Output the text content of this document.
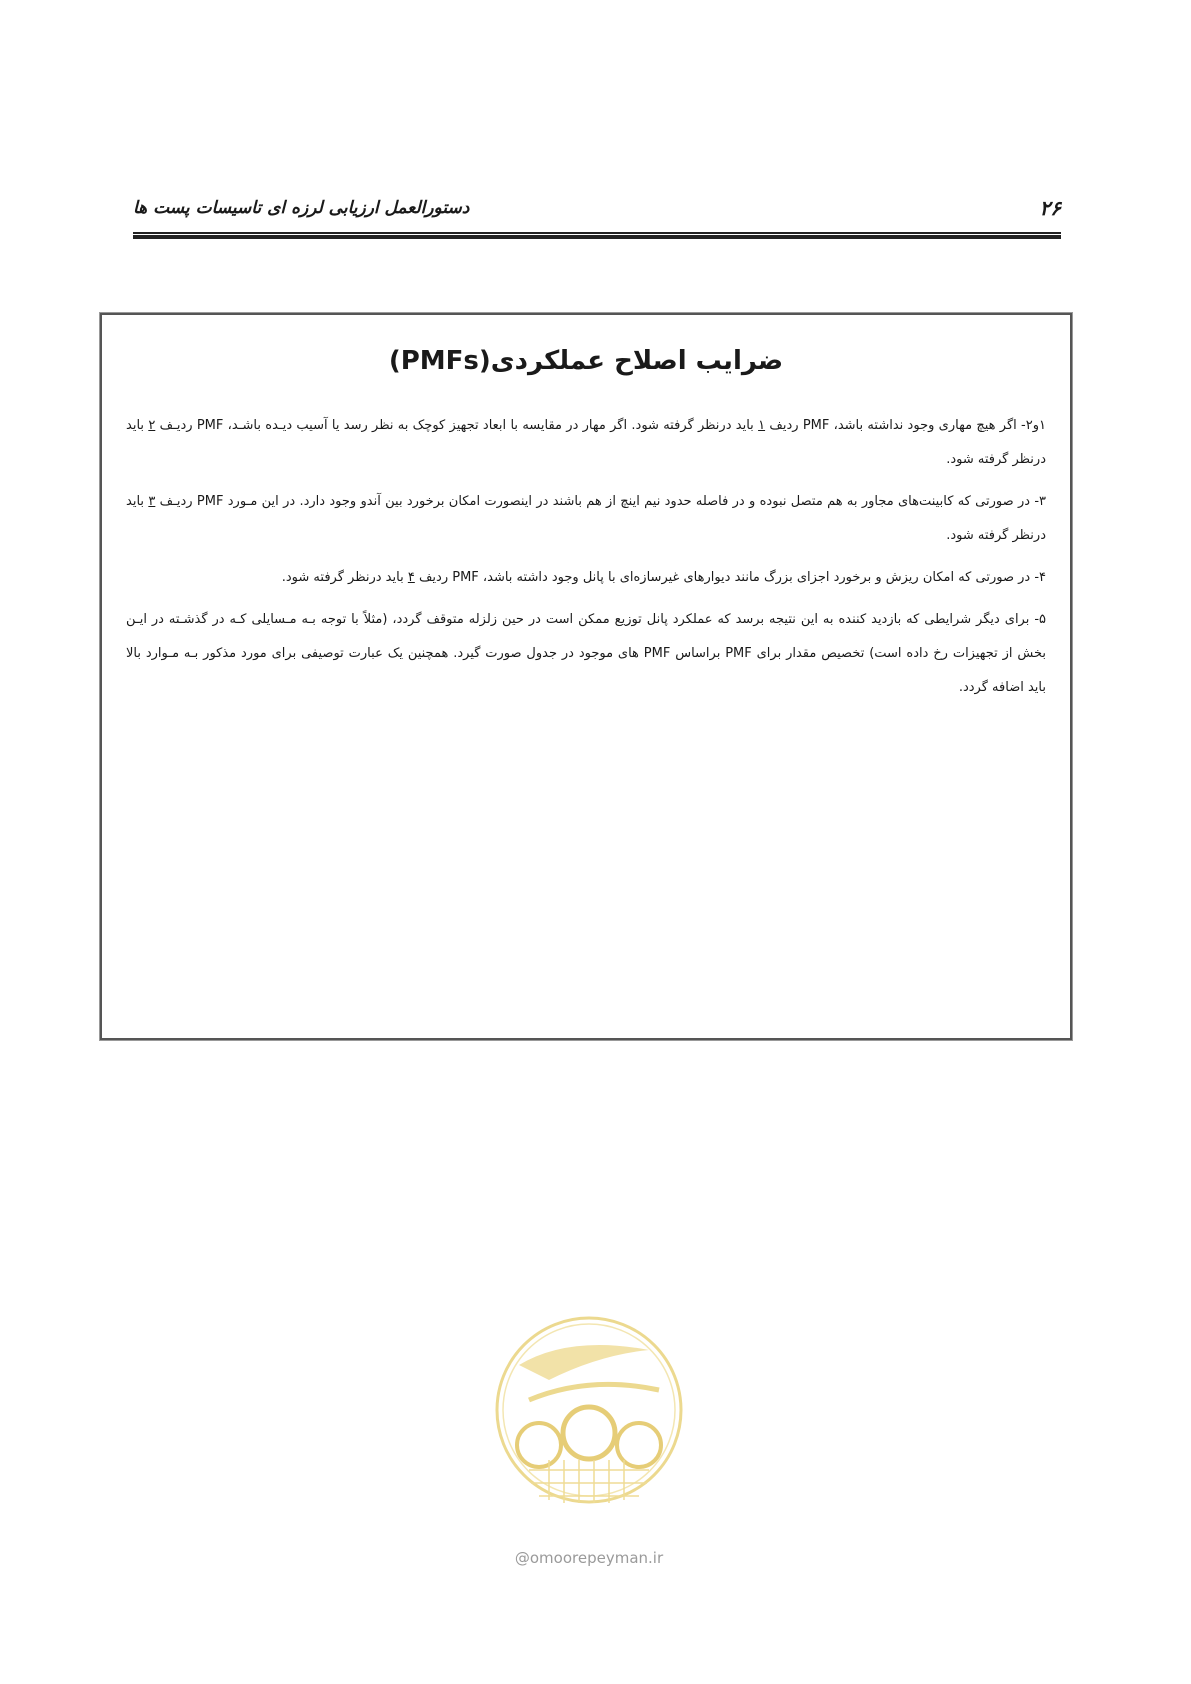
۲۶
دستورالعمل ارزیابی لرزه ای تاسیسات پست ها
ضرایب اصلاح عملکردی(PMFs)

۱و۲- اگر هیچ مهاری وجود نداشته باشد، PMF ردیف ۱ باید درنظر گرفته شود. اگر مهار در مقایسه با ابعاد تجهیز کوچک به نظر رسد یا آسیب دیـده باشـد، PMF ردیـف ۲ باید درنظر گرفته شود.

۳- در صورتی که کابینت‌های مجاور به هم متصل نبوده و در فاصله حدود نیم اینچ از هم باشند در اینصورت امکان برخورد بین آندو وجود دارد. در این مـورد PMF ردیـف ۳ باید درنظر گرفته شود.

۴- در صورتی که امکان ریزش و برخورد اجزای بزرگ مانند دیوارهای غیرسازه‌ای با پانل وجود داشته باشد، PMF ردیف ۴ باید درنظر گرفته شود.

۵- برای دیگر شرایطی که بازدید کننده به این نتیجه برسد که عملکرد پانل توزیع ممکن است در حین زلزله متوقف گردد، (مثلاً با توجه بـه مـسایلی کـه در گذشـته در ایـن بخش از تجهیزات رخ داده است) تخصیص مقدار برای PMF براساس PMF های موجود در جدول صورت گیرد. همچنین یک عبارت توصیفی برای مورد مذکور بـه مـوارد بالا باید اضافه گردد.

@omoorepeyman.ir
